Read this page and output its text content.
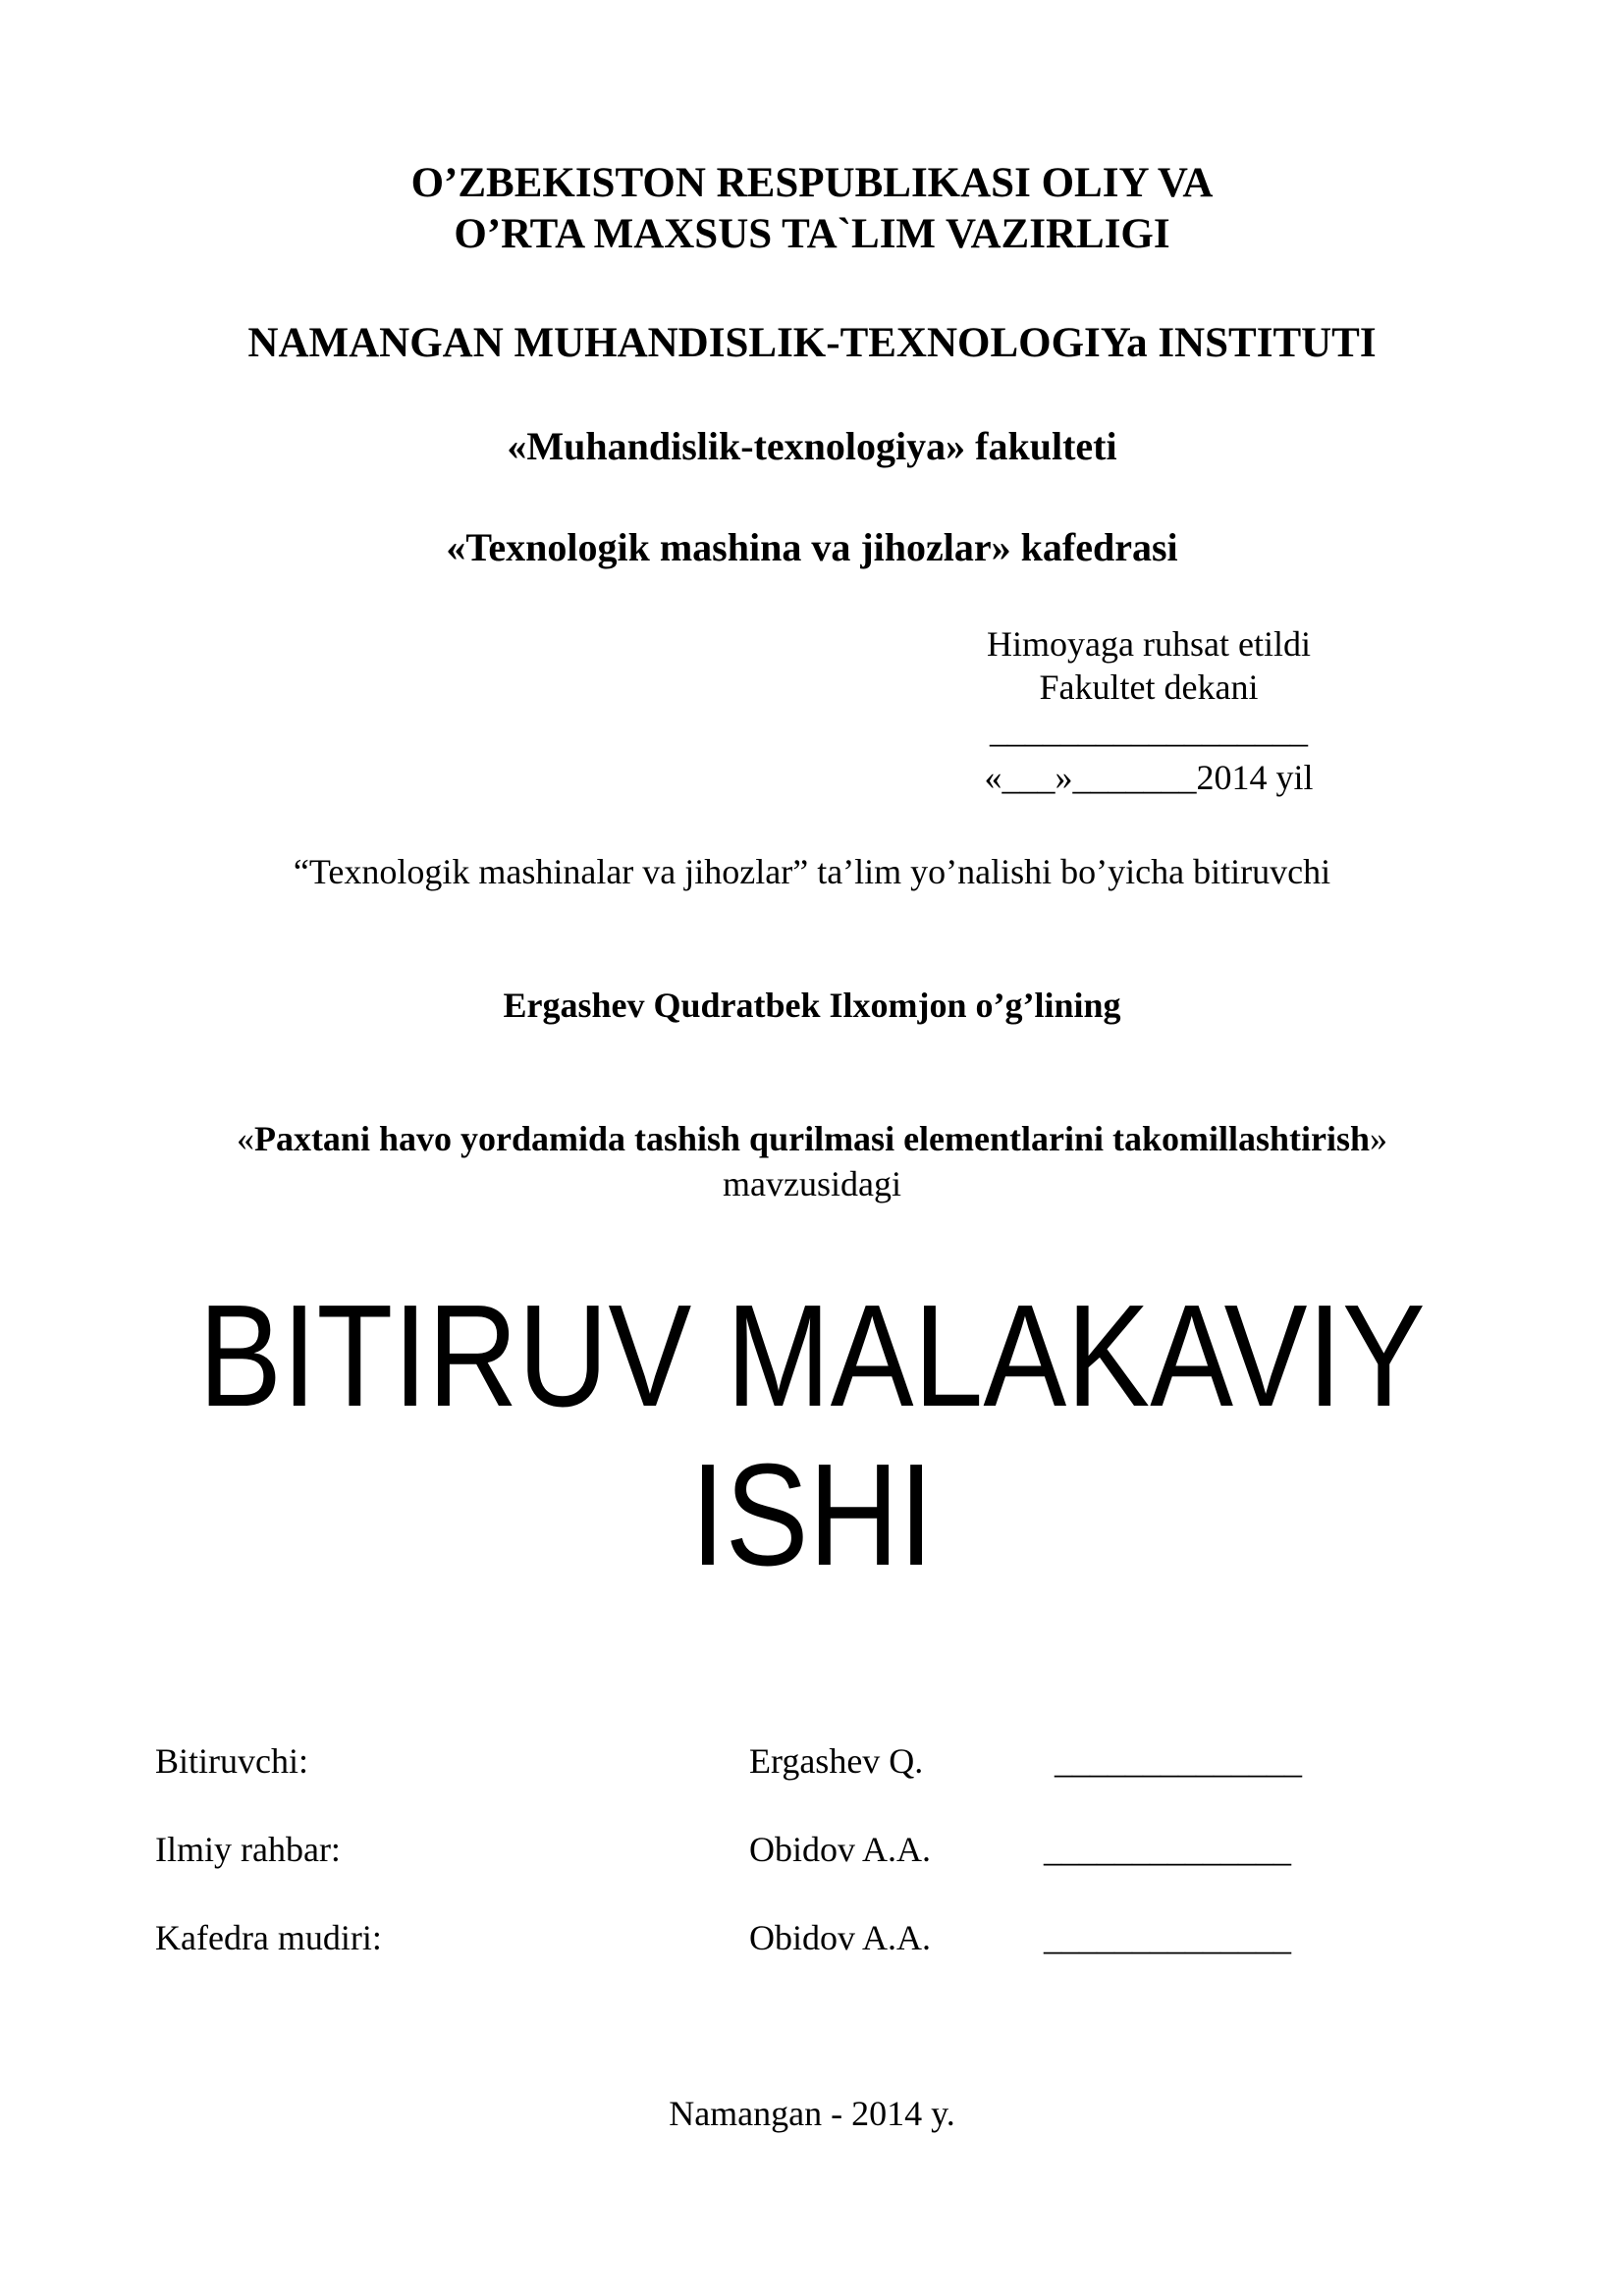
O’ZBEKISTON RESPUBLIKASI OLIY VA
O’RTA MAXSUS TA`LIM VAZIRLIGI
NAMANGAN MUHANDISLIK-TEXNOLOGIYa INSTITUTI
«Muhandislik-texnologiya» fakulteti
«Texnologik mashina va jihozlar» kafedrasi
Himoyaga ruhsat etildi
Fakultet dekani
__________________
«___»_______2014 yil
“Texnologik mashinalar va jihozlar” ta’lim yo’nalishi bo’yicha bitiruvchi
Ergashev Qudratbek Ilxomjon o’g’lining
«Paxtani havo yordamida tashish qurilmasi elementlarini takomillashtirish»
mavzusidagi
BITIRUV MALAKAVIY
ISHI
Bitiruvchi:	Ergashev Q.	______________
Ilmiy rahbar:	Obidov A.A.	______________
Kafedra mudiri:	Obidov A.A.	______________
Namangan - 2014 y.
